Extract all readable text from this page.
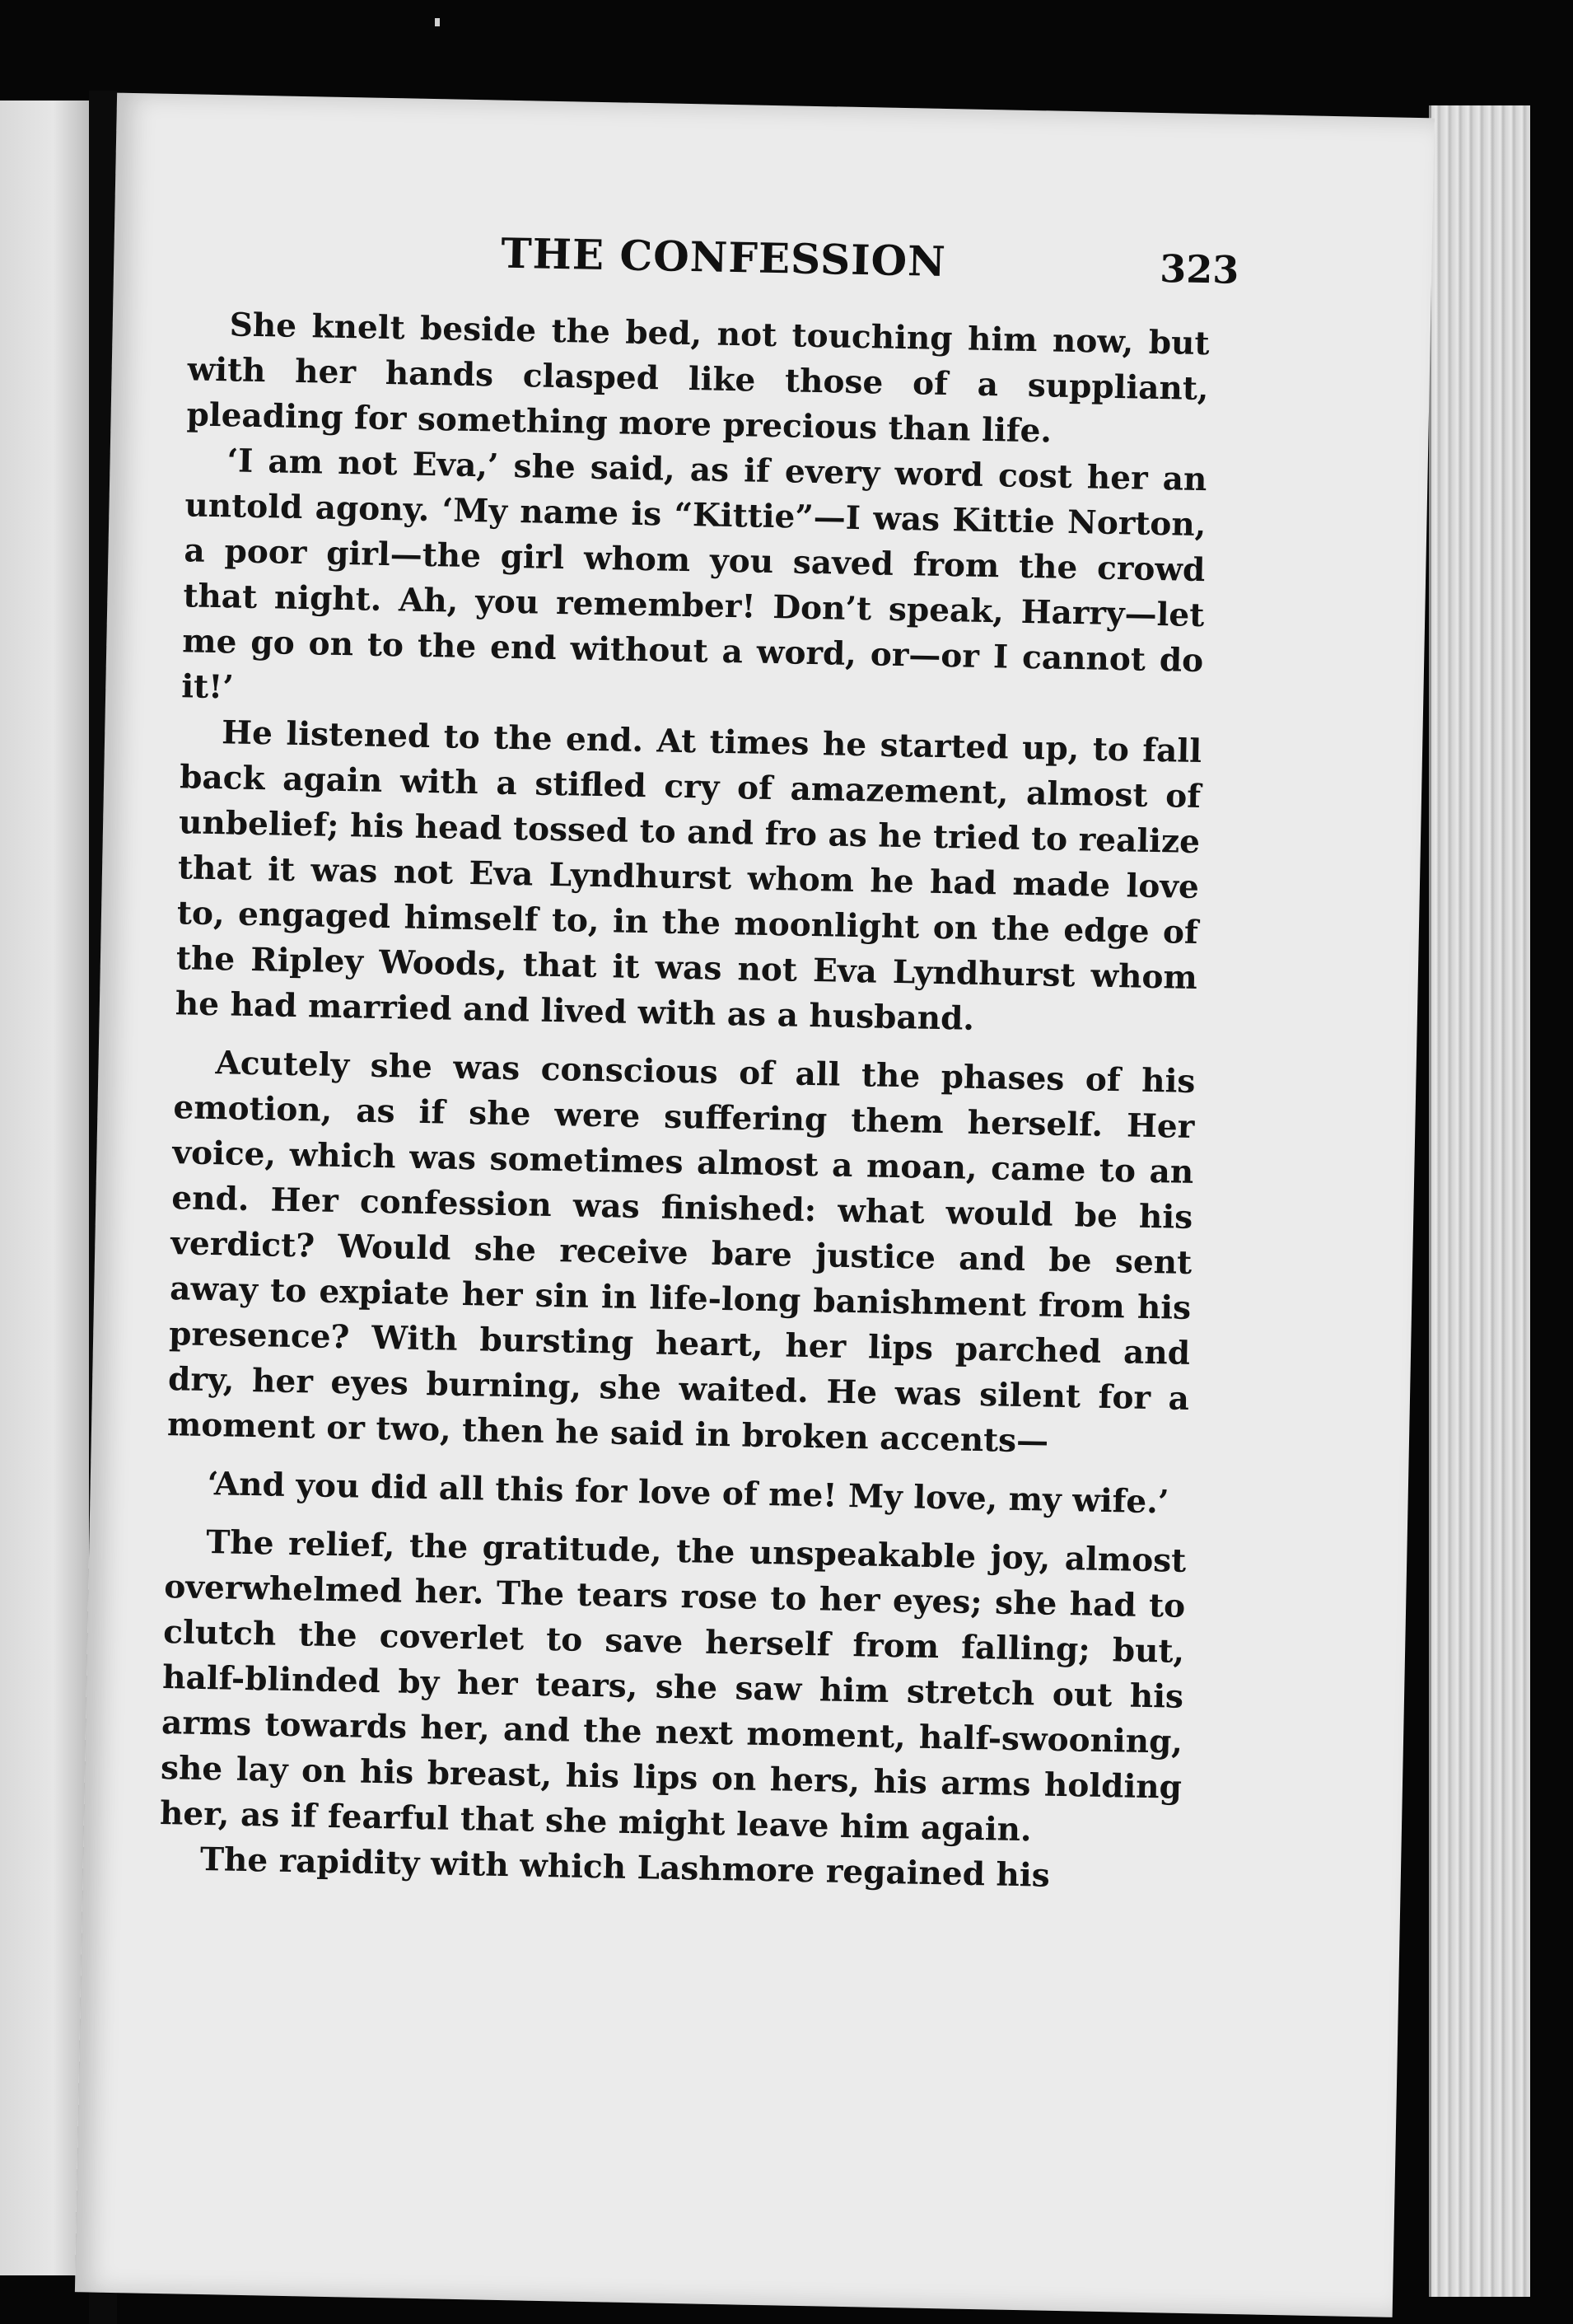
THE CONFESSION	323

She knelt beside the bed, not touching him now, but with her hands clasped like those of a suppliant, pleading for something more precious than life.

‘I am not Eva,’ she said, as if every word cost her an untold agony. ‘My name is “Kittie”—I was Kittie Norton, a poor girl—the girl whom you saved from the crowd that night. Ah, you remember! Don’t speak, Harry—let me go on to the end without a word, or—or I cannot do it!’

He listened to the end. At times he started up, to fall back again with a stifled cry of amazement, almost of unbelief; his head tossed to and fro as he tried to realize that it was not Eva Lyndhurst whom he had made love to, engaged himself to, in the moonlight on the edge of the Ripley Woods, that it was not Eva Lyndhurst whom he had married and lived with as a husband.

Acutely she was conscious of all the phases of his emotion, as if she were suffering them herself. Her voice, which was sometimes almost a moan, came to an end. Her confession was finished: what would be his verdict? Would she receive bare justice and be sent away to expiate her sin in life-long banishment from his presence? With bursting heart, her lips parched and dry, her eyes burning, she waited. He was silent for a moment or two, then he said in broken accents—

‘And you did all this for love of me! My love, my wife.’

The relief, the gratitude, the unspeakable joy, almost overwhelmed her. The tears rose to her eyes; she had to clutch the coverlet to save herself from falling; but, half-blinded by her tears, she saw him stretch out his arms towards her, and the next moment, half-swooning, she lay on his breast, his lips on hers, his arms holding her, as if fearful that she might leave him again.

The rapidity with which Lashmore regained his
